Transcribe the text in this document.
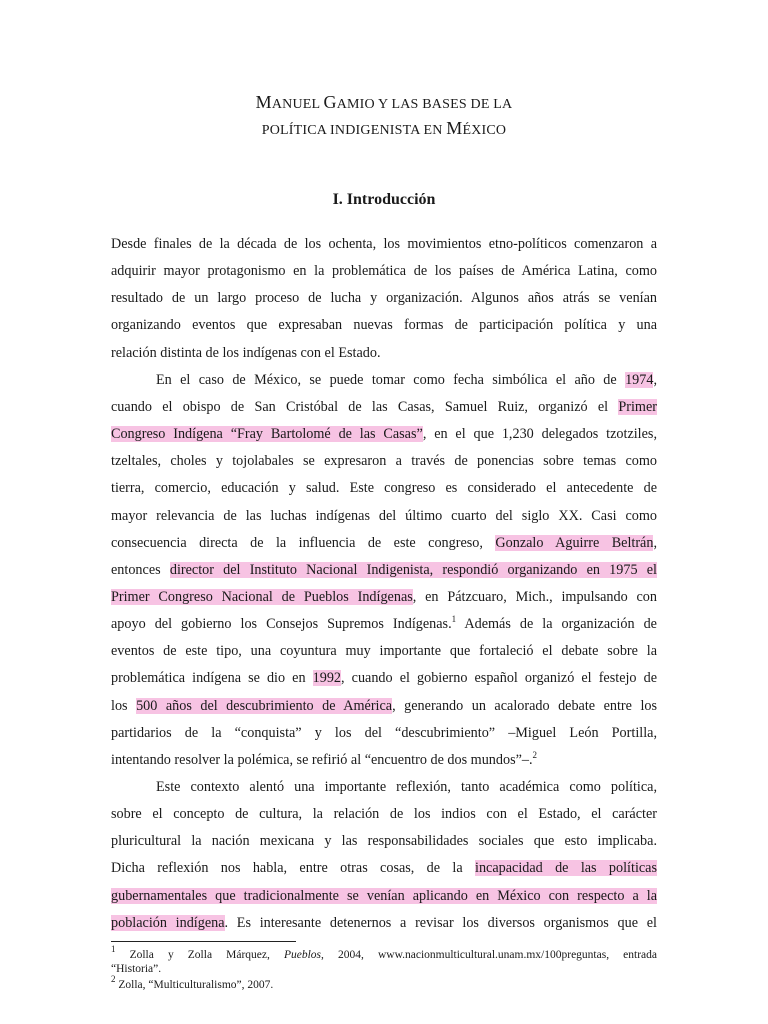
MANUEL GAMIO Y LAS BASES DE LA
POLÍTICA INDIGENISTA EN MÉXICO
I. Introducción
Desde finales de la década de los ochenta, los movimientos etno-políticos comenzaron a
adquirir mayor protagonismo en la problemática de los países de América Latina, como
resultado de un largo proceso de lucha y organización. Algunos años atrás se venían
organizando eventos que expresaban nuevas formas de participación política y una
relación distinta de los indígenas con el Estado.
En el caso de México, se puede tomar como fecha simbólica el año de 1974,
cuando el obispo de San Cristóbal de las Casas, Samuel Ruiz, organizó el Primer
Congreso Indígena “Fray Bartolomé de las Casas”, en el que 1,230 delegados tzotziles,
tzeltales, choles y tojolabales se expresaron a través de ponencias sobre temas como
tierra, comercio, educación y salud. Este congreso es considerado el antecedente de
mayor relevancia de las luchas indígenas del último cuarto del siglo XX. Casi como
consecuencia directa de la influencia de este congreso, Gonzalo Aguirre Beltrán,
entonces director del Instituto Nacional Indigenista, respondió organizando en 1975 el
Primer Congreso Nacional de Pueblos Indígenas, en Pátzcuaro, Mich., impulsando con
apoyo del gobierno los Consejos Supremos Indígenas.$^1$ Además de la organización de
eventos de este tipo, una coyuntura muy importante que fortaleció el debate sobre la
problemática indígena se dio en 1992, cuando el gobierno español organizó el festejo de
los 500 años del descubrimiento de América, generando un acalorado debate entre los
partidarios de la “conquista” y los del “descubrimiento” –Miguel León Portilla,
intentando resolver la polémica, se refirió al “encuentro de dos mundos”–.$^2$
Este contexto alentó una importante reflexión, tanto académica como política,
sobre el concepto de cultura, la relación de los indios con el Estado, el carácter
pluricultural la nación mexicana y las responsabilidades sociales que esto implicaba.
Dicha reflexión nos habla, entre otras cosas, de la incapacidad de las políticas
gubernamentales que tradicionalmente se venían aplicando en México con respecto a la
población indígena. Es interesante detenernos a revisar los diversos organismos que el
$^1$ Zolla y Zolla Márquez, Pueblos, 2004, www.nacionmulticultural.unam.mx/100preguntas, entrada
“Historia”.
$^2$ Zolla, “Multiculturalismo”, 2007.
